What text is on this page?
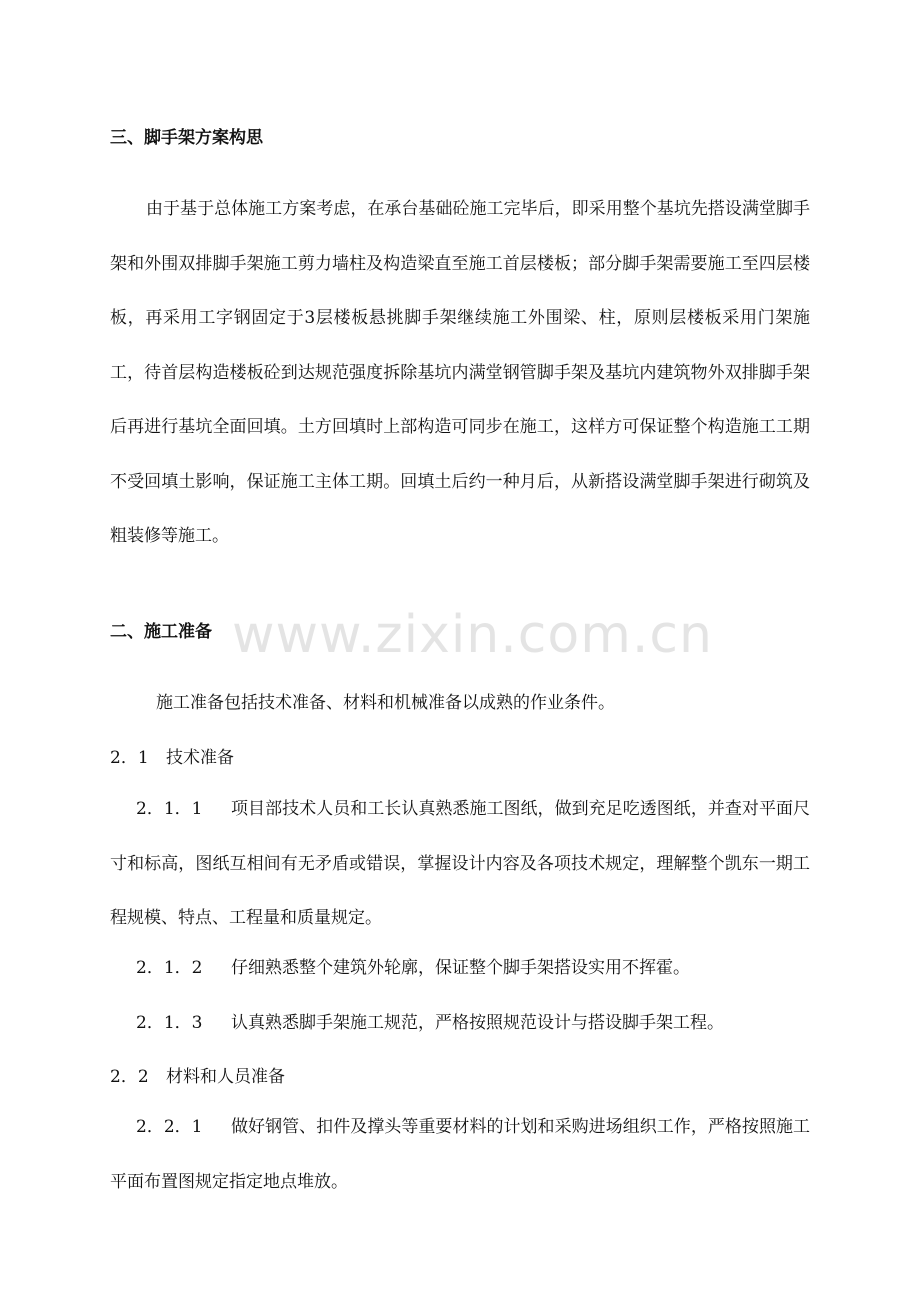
三、脚手架方案构思
由于基于总体施工方案考虑，在承台基础砼施工完毕后，即采用整个基坑先搭设满堂脚手架和外围双排脚手架施工剪力墙柱及构造梁直至施工首层楼板；部分脚手架需要施工至四层楼板，再采用工字钢固定于3层楼板悬挑脚手架继续施工外围梁、柱，原则层楼板采用门架施工，待首层构造楼板砼到达规范强度拆除基坑内满堂钢管脚手架及基坑内建筑物外双排脚手架后再进行基坑全面回填。土方回填时上部构造可同步在施工，这样方可保证整个构造施工工期不受回填土影响，保证施工主体工期。回填土后约一种月后，从新搭设满堂脚手架进行砌筑及粗装修等施工。
www.zixin.com.cn
二、施工准备
施工准备包括技术准备、材料和机械准备以成熟的作业条件。
2．1 技术准备
2．1．1 项目部技术人员和工长认真熟悉施工图纸，做到充足吃透图纸，并查对平面尺寸和标高，图纸互相间有无矛盾或错误，掌握设计内容及各项技术规定，理解整个凯东一期工程规模、特点、工程量和质量规定。
2．1．2 仔细熟悉整个建筑外轮廓，保证整个脚手架搭设实用不挥霍。
2．1．3 认真熟悉脚手架施工规范，严格按照规范设计与搭设脚手架工程。
2．2 材料和人员准备
2．2．1 做好钢管、扣件及撑头等重要材料的计划和采购进场组织工作，严格按照施工平面布置图规定指定地点堆放。
